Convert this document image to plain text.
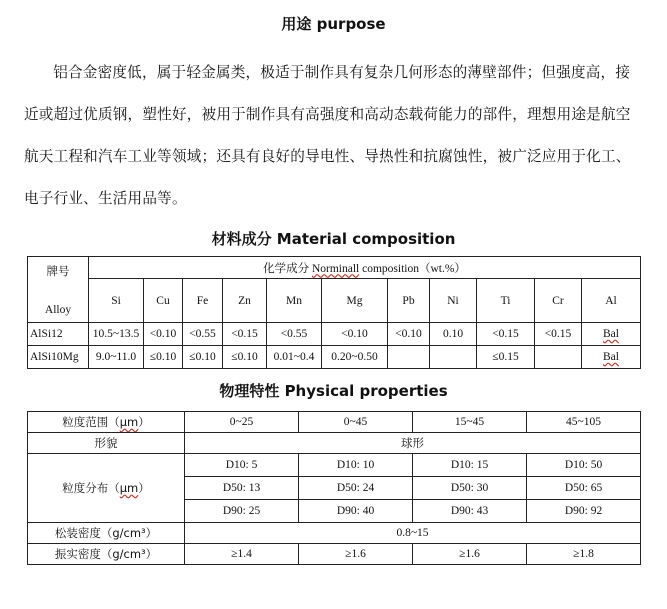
用途 purpose

铝合金密度低，属于轻金属类，极适于制作具有复杂几何形态的薄壁部件；但强度高，接近或超过优质钢，塑性好，被用于制作具有高强度和高动态载荷能力的部件，理想用途是航空航天工程和汽车工业等领域；还具有良好的导电性、导热性和抗腐蚀性，被广泛应用于化工、电子行业、生活用品等。

材料成分 Material composition
牌号
Alloy	化学成分 Norminall composition（wt.%）										
	Si	Cu	Fe	Zn	Mn	Mg	Pb	Ni	Ti	Cr	Al
AlSi12	10.5~13.5	<0.10	<0.55	<0.15	<0.55	<0.10	<0.10	0.10	<0.15	<0.15	Bal
AlSi10Mg	9.0~11.0	≤0.10	≤0.10	≤0.10	0.01~0.4	0.20~0.50			≤0.15		Bal
物理特性 Physical properties
粒度范围（μm）	0~25	0~45	15~45	45~105
形貌	球形			
粒度分布（μm）	D10: 5	D10: 10	D10: 15	D10: 50
	D50: 13	D50: 24	D50: 30	D50: 65
	D90: 25	D90: 40	D90: 43	D90: 92
松装密度（g/cm³）	0.8~15			
振实密度（g/cm³）	≥1.4	≥1.6	≥1.6	≥1.8
